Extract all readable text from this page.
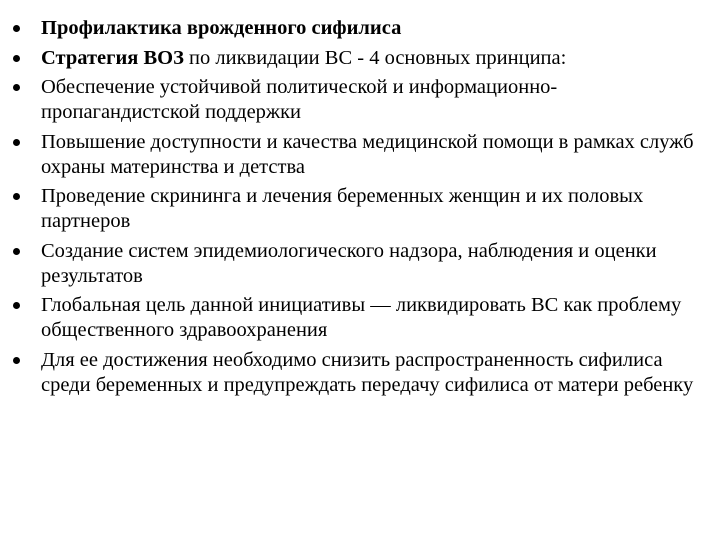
Профилактика врожденного сифилиса
Стратегия ВОЗ по ликвидации ВС - 4 основных принципа:
Обеспечение устойчивой политической и информационно-пропагандистской поддержки
Повышение доступности и качества медицинской помощи в рамках служб охраны материнства и детства
Проведение скрининга и лечения беременных женщин и их половых партнеров
Создание систем эпидемиологического надзора, наблюдения и оценки результатов
Глобальная цель данной инициативы — ликвидировать ВС как проблему общественного здравоохранения
Для ее достижения необходимо снизить распространенность сифилиса среди беременных и предупреждать передачу сифилиса от матери ребенку
